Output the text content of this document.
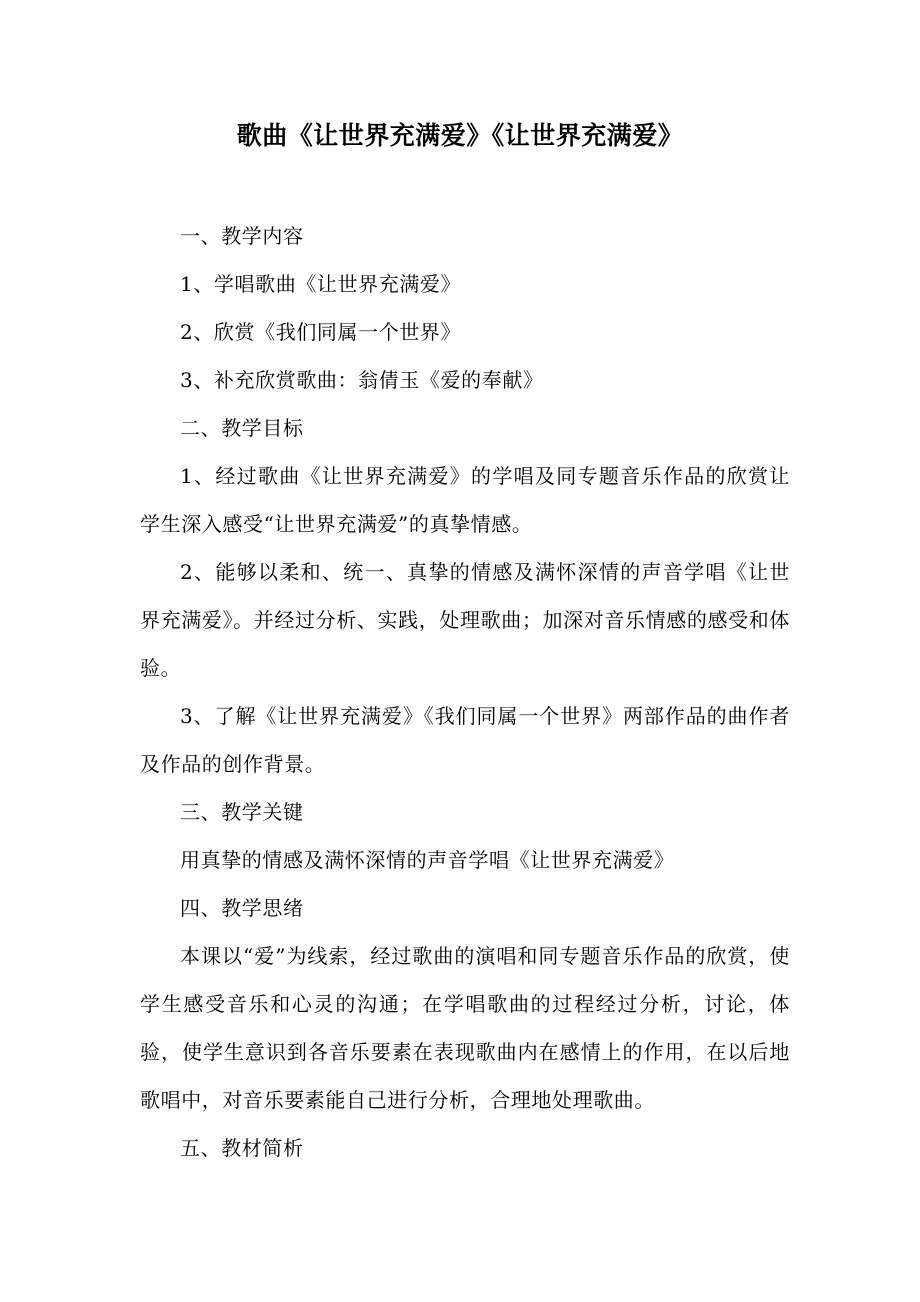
歌曲《让世界充满爱》《让世界充满爱》

一、教学内容

1、学唱歌曲《让世界充满爱》

2、欣赏《我们同属一个世界》

3、补充欣赏歌曲：翁倩玉《爱的奉献》

二、教学目标

1、经过歌曲《让世界充满爱》的学唱及同专题音乐作品的欣赏让学生深入感受“让世界充满爱”的真挚情感。

2、能够以柔和、统一、真挚的情感及满怀深情的声音学唱《让世界充满爱》。并经过分析、实践，处理歌曲；加深对音乐情感的感受和体验。

3、了解《让世界充满爱》《我们同属一个世界》两部作品的曲作者及作品的创作背景。

三、教学关键

用真挚的情感及满怀深情的声音学唱《让世界充满爱》

四、教学思绪

本课以“爱”为线索，经过歌曲的演唱和同专题音乐作品的欣赏，使学生感受音乐和心灵的沟通；在学唱歌曲的过程经过分析，讨论，体验，使学生意识到各音乐要素在表现歌曲内在感情上的作用，在以后地歌唱中，对音乐要素能自己进行分析，合理地处理歌曲。

五、教材简析
